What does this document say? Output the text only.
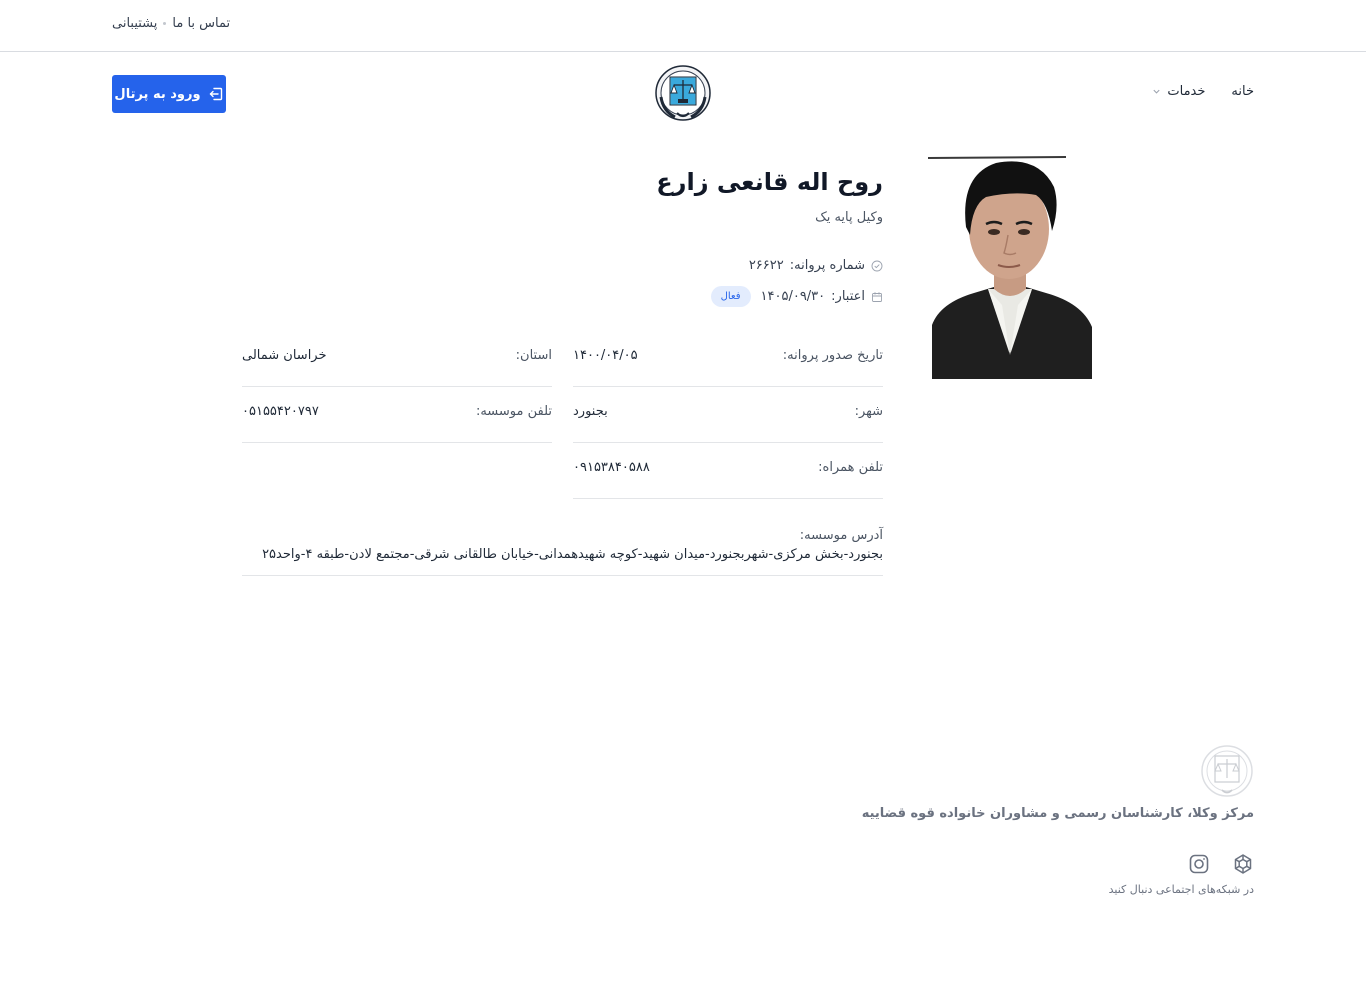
پشتیبانی تماس با ما
ورود به پرتال	خانه
خدمات
روح اله قانعی زارع
وکیل پایه یک
شماره پروانه:
۲۶۶۲۲
اعتبار:
۱۴۰۵/۰۹/۳۰
فعال
تاریخ صدور پروانه:
۱۴۰۰/۰۴/۰۵
استان:
خراسان شمالی
شهر:
بجنورد
تلفن موسسه:
۰۵۱۵۵۴۲۰۷۹۷
تلفن همراه:
۰۹۱۵۳۸۴۰۵۸۸
آدرس موسسه:
بجنورد-بخش مرکزی-شهربجنورد-میدان شهید-کوچه شهیدهمدانی-خیابان طالقانی شرقی-مجتمع لادن-طبقه ۴-واحد۲۵
مرکز وکلا، کارشناسان رسمی و مشاوران خانواده قوه قضاییه
در شبکه‌های اجتماعی دنبال کنید
